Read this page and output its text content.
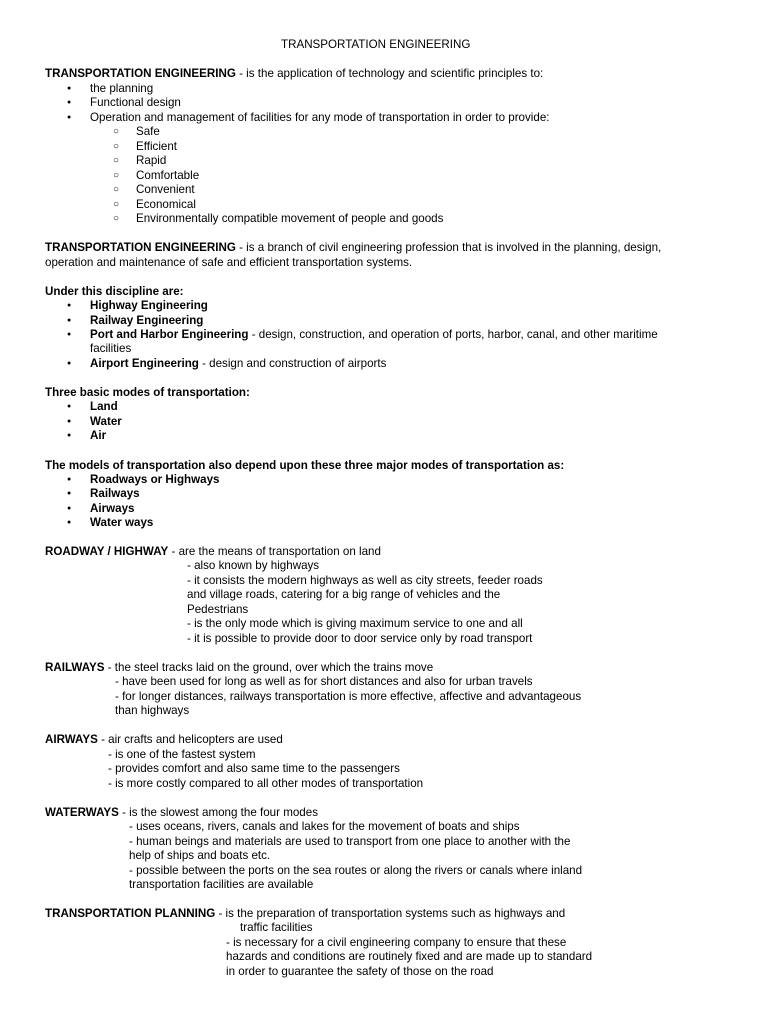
TRANSPORTATION ENGINEERING
TRANSPORTATION ENGINEERING - is the application of technology and scientific principles to:
● the planning
● Functional design
● Operation and management of facilities for any mode of transportation in order to provide:
○ Safe
○ Efficient
○ Rapid
○ Comfortable
○ Convenient
○ Economical
○ Environmentally compatible movement of people and goods
TRANSPORTATION ENGINEERING - is a branch of civil engineering profession that is involved in the planning, design,
operation and maintenance of safe and efficient transportation systems.
Under this discipline are:
● Highway Engineering
● Railway Engineering
● Port and Harbor Engineering - design, construction, and operation of ports, harbor, canal, and other maritime
facilities
● Airport Engineering - design and construction of airports
Three basic modes of transportation:
● Land
● Water
● Air
The models of transportation also depend upon these three major modes of transportation as:
● Roadways or Highways
● Railways
● Airways
● Water ways
ROADWAY / HIGHWAY - are the means of transportation on land
- also known by highways
- it consists the modern highways as well as city streets, feeder roads
and village roads, catering for a big range of vehicles and the
Pedestrians
- is the only mode which is giving maximum service to one and all
- it is possible to provide door to door service only by road transport
RAILWAYS - the steel tracks laid on the ground, over which the trains move
- have been used for long as well as for short distances and also for urban travels
- for longer distances, railways transportation is more effective, affective and advantageous
than highways
AIRWAYS - air crafts and helicopters are used
- is one of the fastest system
- provides comfort and also same time to the passengers
- is more costly compared to all other modes of transportation
WATERWAYS - is the slowest among the four modes
- uses oceans, rivers, canals and lakes for the movement of boats and ships
- human beings and materials are used to transport from one place to another with the
help of ships and boats etc.
- possible between the ports on the sea routes or along the rivers or canals where inland
transportation facilities are available
TRANSPORTATION PLANNING - is the preparation of transportation systems such as highways and
traffic facilities
- is necessary for a civil engineering company to ensure that these
hazards and conditions are routinely fixed and are made up to standard
in order to guarantee the safety of those on the road
